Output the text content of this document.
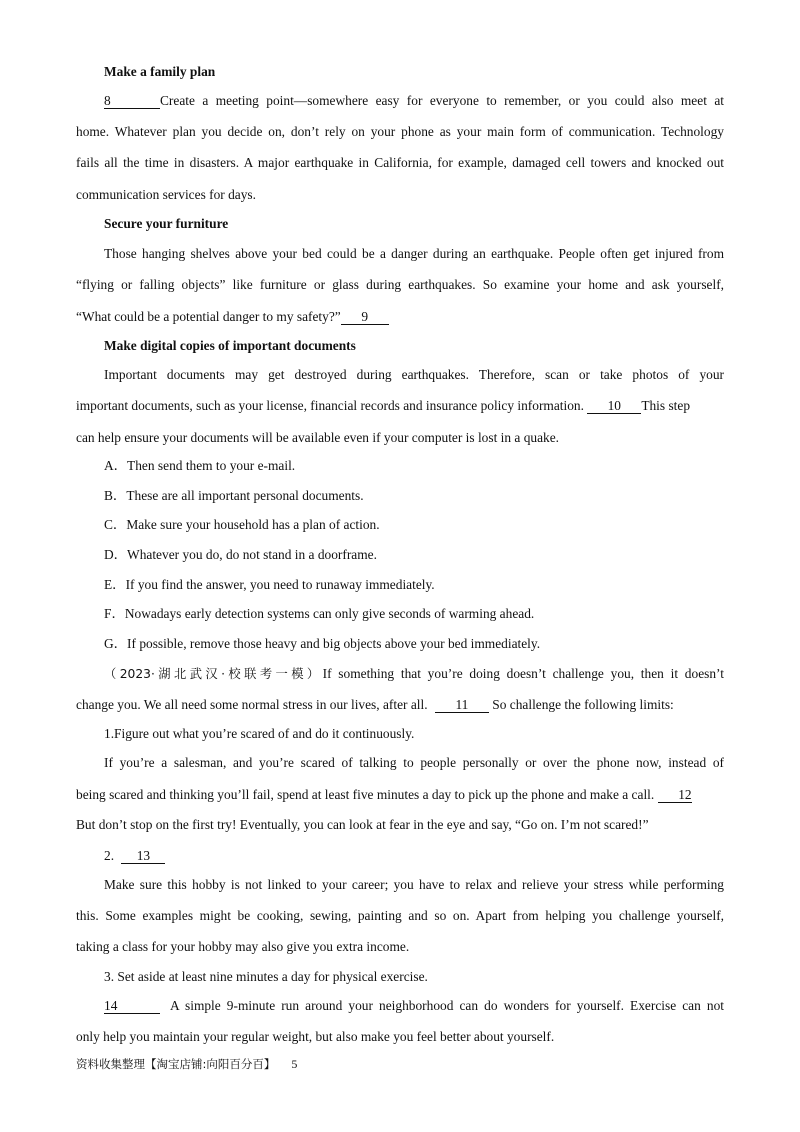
Make a family plan
8	Create a meeting point—somewhere easy for everyone to remember, or you could also meet at
home. Whatever plan you decide on, don’t rely on your phone as your main form of communication. Technology
fails all the time in disasters. A major earthquake in California, for example, damaged cell towers and knocked out
communication services for days.
Secure your furniture
Those hanging shelves above your bed could be a danger during an earthquake. People often get injured from
“flying or falling objects” like furniture or glass during earthquakes. So examine your home and ask yourself,
“What could be a potential danger to my safety?” 9
Make digital copies of important documents
Important documents may get destroyed during earthquakes. Therefore, scan or take photos of your
important documents, such as your license, financial records and insurance policy information. 10 This step
can help ensure your documents will be available even if your computer is lost in a quake.
A．Then send them to your e-mail.
B．These are all important personal documents.
C．Make sure your household has a plan of action.
D．Whatever you do, do not stand in a doorframe.
E．If you find the answer, you need to runaway immediately.
F．Nowadays early detection systems can only give seconds of warming ahead.
G．If possible, remove those heavy and big objects above your bed immediately.
（2023·湖北武汉·校联考一模）If something that you’re doing doesn’t challenge you, then it doesn’t
change you. We all need some normal stress in our lives, after all. 11 So challenge the following limits:
1.Figure out what you’re scared of and do it continuously.
If you’re a salesman, and you’re scared of talking to people personally or over the phone now, instead of
being scared and thinking you’ll fail, spend at least five minutes a day to pick up the phone and make a call. 12
But don’t stop on the first try! Eventually, you can look at fear in the eye and say, “Go on. I’m not scared!”
2. 13
Make sure this hobby is not linked to your career; you have to relax and relieve your stress while performing
this. Some examples might be cooking, sewing, painting and so on. Apart from helping you challenge yourself,
taking a class for your hobby may also give you extra income.
3. Set aside at least nine minutes a day for physical exercise.
14	A simple 9-minute run around your neighborhood can do wonders for yourself. Exercise can not
only help you maintain your regular weight, but also make you feel better about yourself.
资料收集整理【淘宝店铺:向阳百分百】 5
